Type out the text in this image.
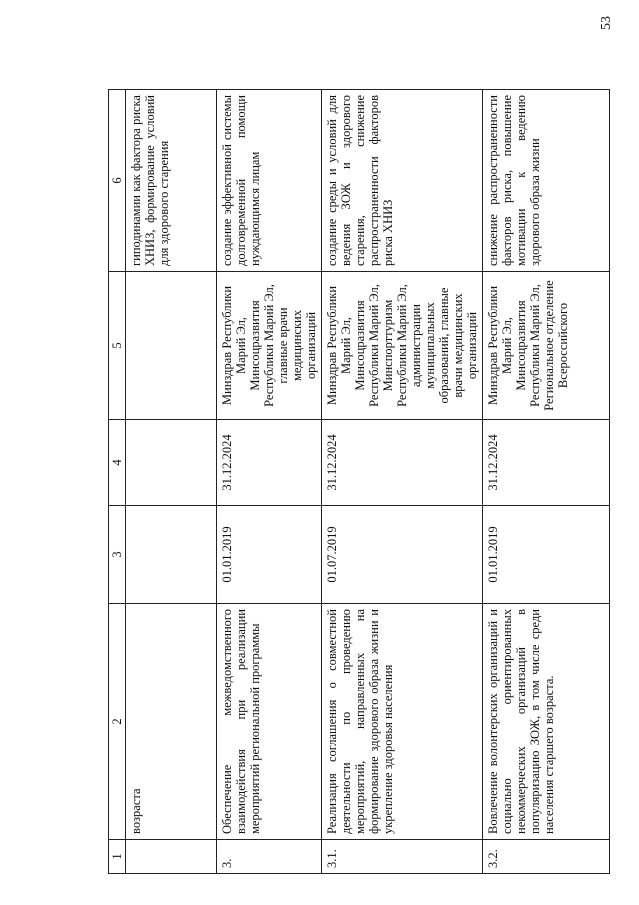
53
1	2	3	4	5	6
	возраста				гиподинамии как фактора риска ХНИЗ, формирование условий для здорового старения
3.	Обеспечение межведомственного взаимодействия при реализации мероприятий региональной программы	01.01.2019	31.12.2024	Минздрав Республики Марий Эл, Минсоцразвития Республики Марий Эл, главные врачи медицинских организаций	создание эффективной системы долговременной помощи нуждающимся лицам
3.1.	Реализация соглашения о совместной деятельности по проведению мероприятий, направленных на формирование здорового образа жизни и укрепление здоровья населения	01.07.2019	31.12.2024	Минздрав Республики Марий Эл, Минсоцразвития Республики Марий Эл, Минспорттуризм Республики Марий Эл, администрации муниципальных образований, главные врачи медицинских организаций	создание среды и условий для ведения ЗОЖ и здорового старения, снижение распространенности факторов риска ХНИЗ
3.2.	Вовлечение волонтерских организаций и социально ориентированных некоммерческих организаций в популяризацию ЗОЖ, в том числе среди населения старшего возраста.	01.01.2019	31.12.2024	Минздрав Республики Марий Эл, Минсоцразвития Республики Марий Эл, Региональное отделение Всероссийского	снижение распространенности факторов риска, повышение мотивации к ведению здорового образа жизни
